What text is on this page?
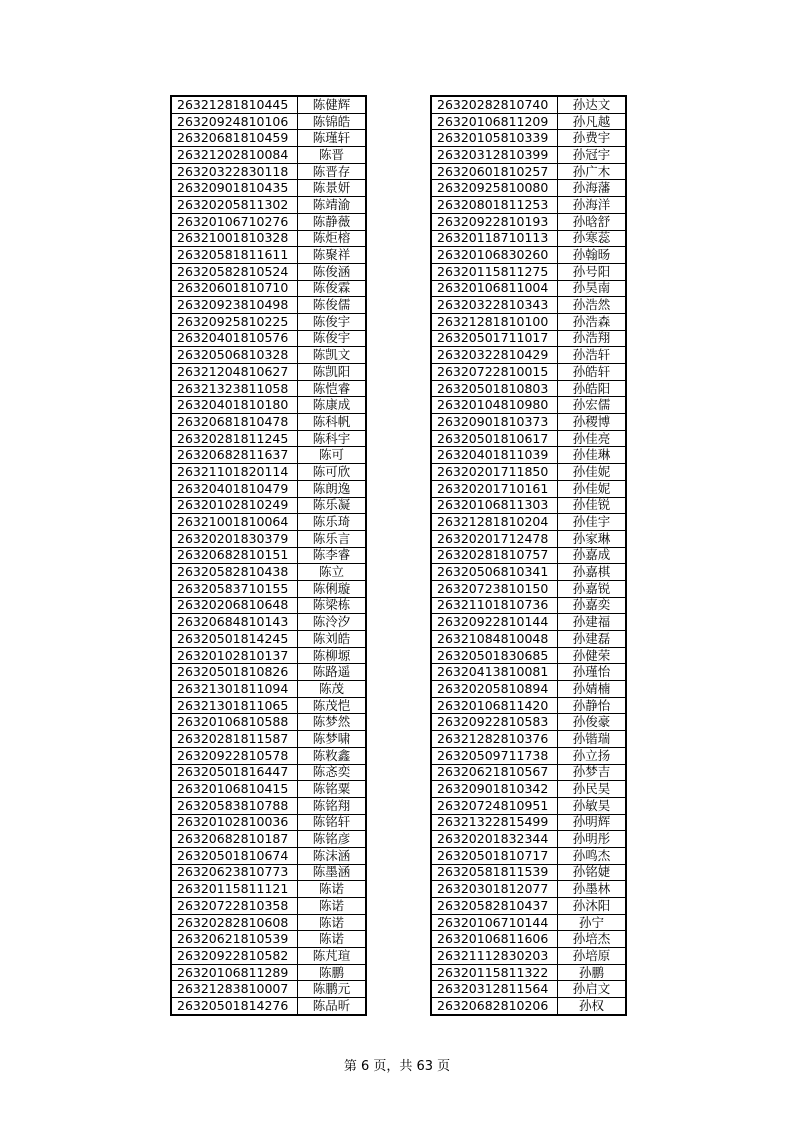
26321281810445	陈健辉
26320924810106	陈锦皓
26320681810459	陈瑾轩
26321202810084	陈晋
26320322830118	陈晋存
26320901810435	陈景妍
26320205811302	陈靖渝
26320106710276	陈静薇
26321001810328	陈炬榕
26320581811611	陈聚祥
26320582810524	陈俊涵
26320601810710	陈俊霖
26320923810498	陈俊儒
26320925810225	陈俊宇
26320401810576	陈俊宇
26320506810328	陈凯文
26321204810627	陈凯阳
26321323811058	陈恺睿
26320401810180	陈康成
26320681810478	陈科帆
26320281811245	陈科宇
26320682811637	陈可
26321101820114	陈可欣
26320401810479	陈朗逸
26320102810249	陈乐凝
26321001810064	陈乐琦
26320201830379	陈乐言
26320682810151	陈李睿
26320582810438	陈立
26320583710155	陈俐璇
26320206810648	陈梁栋
26320684810143	陈泠汐
26320501814245	陈刘皓
26320102810137	陈柳塬
26320501810826	陈路遥
26321301811094	陈茂
26321301811065	陈茂恺
26320106810588	陈梦然
26320281811587	陈梦啸
26320922810578	陈敉鑫
26320501816447	陈忞奕
26320106810415	陈铭粟
26320583810788	陈铭翔
26320102810036	陈铭轩
26320682810187	陈铭彦
26320501810674	陈沫涵
26320623810773	陈墨涵
26320115811121	陈诺
26320722810358	陈诺
26320282810608	陈诺
26320621810539	陈诺
26320922810582	陈芃瑄
26320106811289	陈鹏
26321283810007	陈鹏元
26320501814276	陈品昕
26320282810740	孙达文
26320106811209	孙凡越
26320105810339	孙费宇
26320312810399	孙冠宇
26320601810257	孙广木
26320925810080	孙海藩
26320801811253	孙海洋
26320922810193	孙晗舒
26320118710113	孙寒蕊
26320106830260	孙翰旸
26320115811275	孙号阳
26320106811004	孙昊南
26320322810343	孙浩然
26321281810100	孙浩森
26320501711017	孙浩翔
26320322810429	孙浩轩
26320722810015	孙皓轩
26320501810803	孙皓阳
26320104810980	孙宏儒
26320901810373	孙稷博
26320501810617	孙佳亮
26320401811039	孙佳琳
26320201711850	孙佳妮
26320201710161	孙佳妮
26320106811303	孙佳锐
26321281810204	孙佳宇
26320201712478	孙家琳
26320281810757	孙嘉成
26320506810341	孙嘉棋
26320723810150	孙嘉锐
26321101810736	孙嘉奕
26320922810144	孙建福
26321084810048	孙建磊
26320501830685	孙健荣
26320413810081	孙瑾怡
26320205810894	孙婧楠
26320106811420	孙静怡
26320922810583	孙俊豪
26321282810376	孙锴瑞
26320509711738	孙立扬
26320621810567	孙梦吉
26320901810342	孙民昊
26320724810951	孙敏昊
26321322815499	孙明辉
26320201832344	孙明彤
26320501810717	孙鸣杰
26320581811539	孙铭婕
26320301812077	孙墨林
26320582810437	孙沐阳
26320106710144	孙宁
26320106811606	孙培杰
26321112830203	孙培原
26320115811322	孙鹏
26320312811564	孙启文
26320682810206	孙权
第 6 页，共 63 页
